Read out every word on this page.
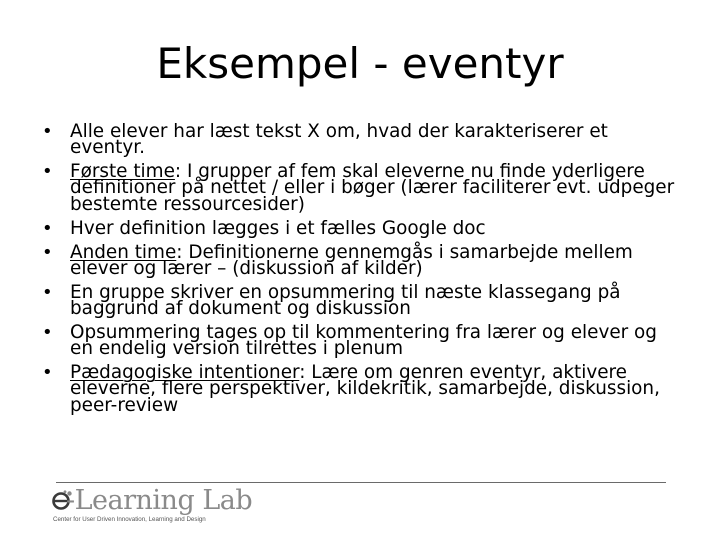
Eksempel - eventyr
• Alle elever har læst tekst X om, hvad der karakteriserer et eventyr.
• Første time: I grupper af fem skal eleverne nu finde yderligere definitioner på nettet / eller i bøger (lærer faciliterer evt. udpeger bestemte ressourcesider)
• Hver definition lægges i et fælles Google doc
• Anden time: Definitionerne gennemgås i samarbejde mellem elever og lærer – (diskussion af kilder)
• En gruppe skriver en opsummering til næste klassegang på baggrund af dokument og diskussion
• Opsummering tages op til kommentering fra lærer og elever og en endelig version tilrettes i plenum
• Pædagogiske intentioner: Lære om genren eventyr, aktivere eleverne, flere perspektiver, kildekritik, samarbejde, diskussion, peer-review
-Learning Lab
Center for User Driven Innovation, Learning and Design
